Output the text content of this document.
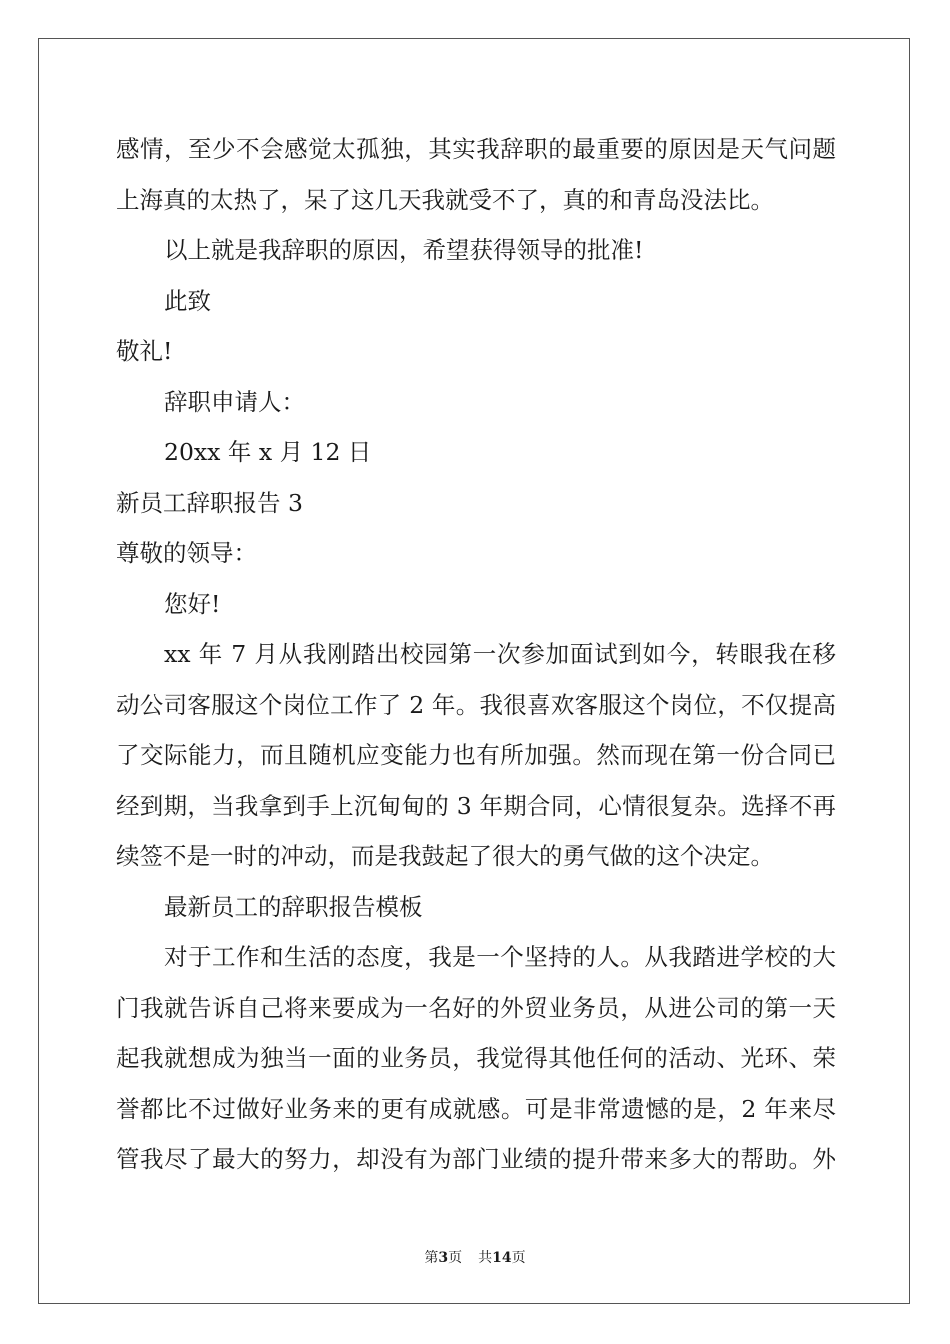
感情，至少不会感觉太孤独，其实我辞职的最重要的原因是天气问题
上海真的太热了，呆了这几天我就受不了，真的和青岛没法比。
以上就是我辞职的原因，希望获得领导的批准!
此致
敬礼!
辞职申请人：
20xx 年 x 月 12 日
新员工辞职报告 3
尊敬的领导：
您好!
xx 年 7 月从我刚踏出校园第一次参加面试到如今，转眼我在移
动公司客服这个岗位工作了 2 年。我很喜欢客服这个岗位，不仅提高
了交际能力，而且随机应变能力也有所加强。然而现在第一份合同已
经到期，当我拿到手上沉甸甸的 3 年期合同，心情很复杂。选择不再
续签不是一时的冲动，而是我鼓起了很大的勇气做的这个决定。
最新员工的辞职报告模板
对于工作和生活的态度，我是一个坚持的人。从我踏进学校的大
门我就告诉自己将来要成为一名好的外贸业务员，从进公司的第一天
起我就想成为独当一面的业务员，我觉得其他任何的活动、光环、荣
誉都比不过做好业务来的更有成就感。可是非常遗憾的是，2 年来尽
管我尽了最大的努力，却没有为部门业绩的提升带来多大的帮助。外
第3页 共14页
